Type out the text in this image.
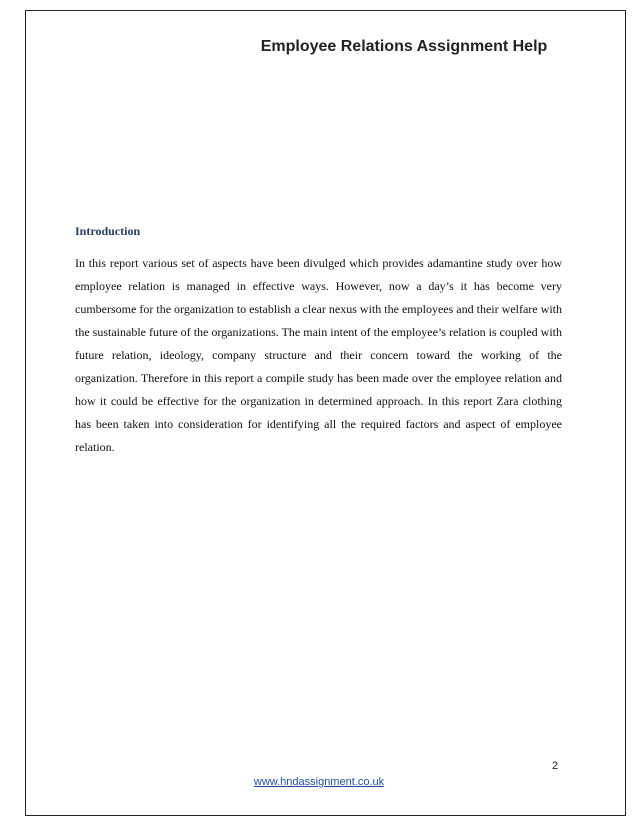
Employee Relations Assignment Help
Introduction

In this report various set of aspects have been divulged which provides adamantine study over how employee relation is managed in effective ways. However, now a day’s it has become very cumbersome for the organization to establish a clear nexus with the employees and their welfare with the sustainable future of the organizations. The main intent of the employee’s relation is coupled with future relation, ideology, company structure and their concern toward the working of the organization. Therefore in this report a compile study has been made over the employee relation and how it could be effective for the organization in determined approach. In this report Zara clothing has been taken into consideration for identifying all the required factors and aspect of employee relation.

2
www.hndassignment.co.uk
